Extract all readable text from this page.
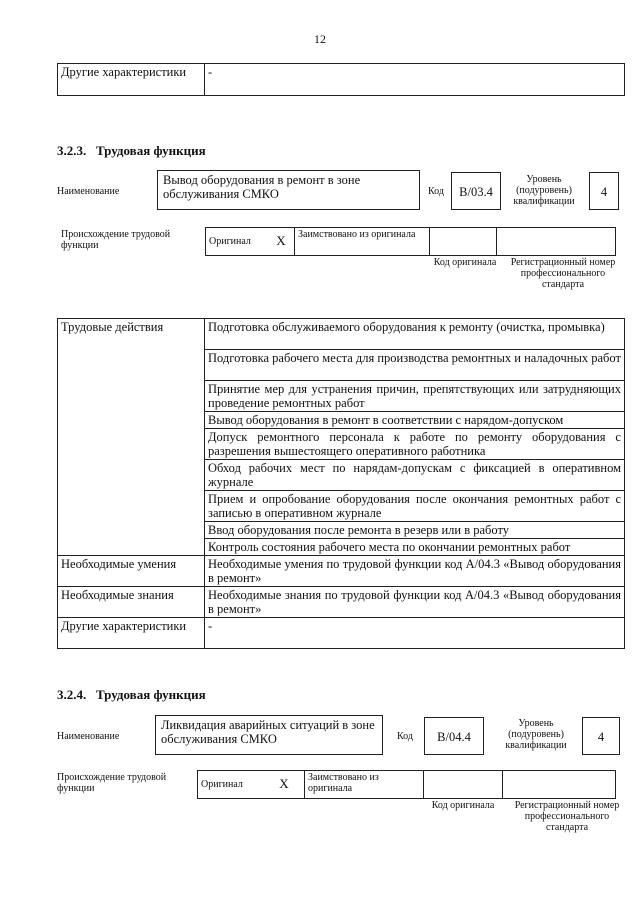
12
Другие характеристики	-
3.2.3. Трудовая функция
Наименование
Вывод оборудования в ремонт в зоне обслуживания СМКО	Код	B/03.4
Уровень (подуровень) квалификации
4
Происхождение трудовой функции	Оригинал	X	Заимствовано из оригинала		
Код оригинала	Регистрационный номер профессионального стандарта
Трудовые действия	Подготовка обслуживаемого оборудования к ремонту (очистка, промывка)
	Подготовка рабочего места для производства ремонтных и наладочных работ
	Принятие мер для устранения причин, препятствующих или затрудняющих проведение ремонтных работ
	Вывод оборудования в ремонт в соответствии с нарядом-допуском
	Допуск ремонтного персонала к работе по ремонту оборудования с разрешения вышестоящего оперативного работника
	Обход рабочих мест по нарядам-допускам с фиксацией в оперативном журнале
	Прием и опробование оборудования после окончания ремонтных работ с записью в оперативном журнале
	Ввод оборудования после ремонта в резерв или в работу
	Контроль состояния рабочего места по окончании ремонтных работ
Необходимые умения	Необходимые умения по трудовой функции код A/04.3 «Вывод оборудования в ремонт»
Необходимые знания	Необходимые знания по трудовой функции код A/04.3 «Вывод оборудования в ремонт»
Другие характеристики	-
3.2.4. Трудовая функция
Наименование
Ликвидация аварийных ситуаций в зоне обслуживания СМКО	Код	B/04.4
Уровень (подуровень) квалификации
4
Происхождение трудовой функции	Оригинал	X	Заимствовано из оригинала		
Код оригинала	Регистрационный номер профессионального стандарта
